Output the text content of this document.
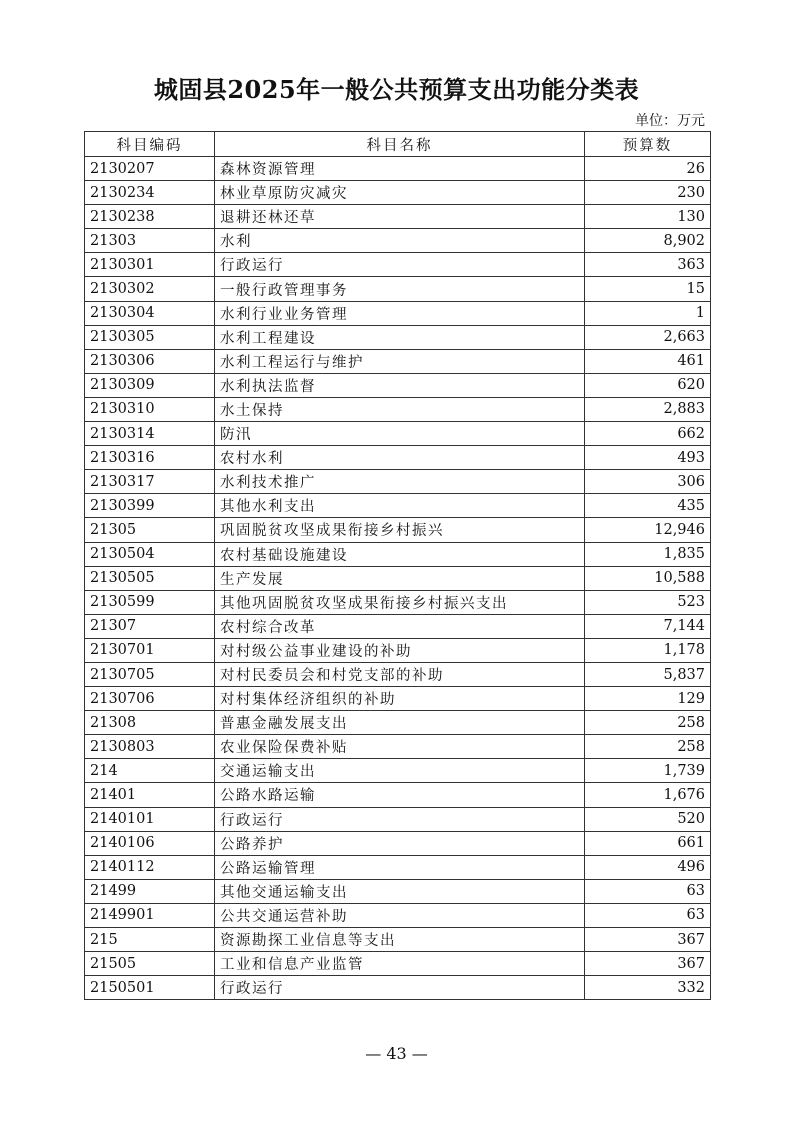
城固县2025年一般公共预算支出功能分类表
单位：万元
科目编码	科目名称	预算数
2130207	森林资源管理	26
2130234	林业草原防灾减灾	230
2130238	退耕还林还草	130
21303	水利	8,902
2130301	行政运行	363
2130302	一般行政管理事务	15
2130304	水利行业业务管理	1
2130305	水利工程建设	2,663
2130306	水利工程运行与维护	461
2130309	水利执法监督	620
2130310	水土保持	2,883
2130314	防汛	662
2130316	农村水利	493
2130317	水利技术推广	306
2130399	其他水利支出	435
21305	巩固脱贫攻坚成果衔接乡村振兴	12,946
2130504	农村基础设施建设	1,835
2130505	生产发展	10,588
2130599	其他巩固脱贫攻坚成果衔接乡村振兴支出	523
21307	农村综合改革	7,144
2130701	对村级公益事业建设的补助	1,178
2130705	对村民委员会和村党支部的补助	5,837
2130706	对村集体经济组织的补助	129
21308	普惠金融发展支出	258
2130803	农业保险保费补贴	258
214	交通运输支出	1,739
21401	公路水路运输	1,676
2140101	行政运行	520
2140106	公路养护	661
2140112	公路运输管理	496
21499	其他交通运输支出	63
2149901	公共交通运营补助	63
215	资源勘探工业信息等支出	367
21505	工业和信息产业监管	367
2150501	行政运行	332
— 43 —
